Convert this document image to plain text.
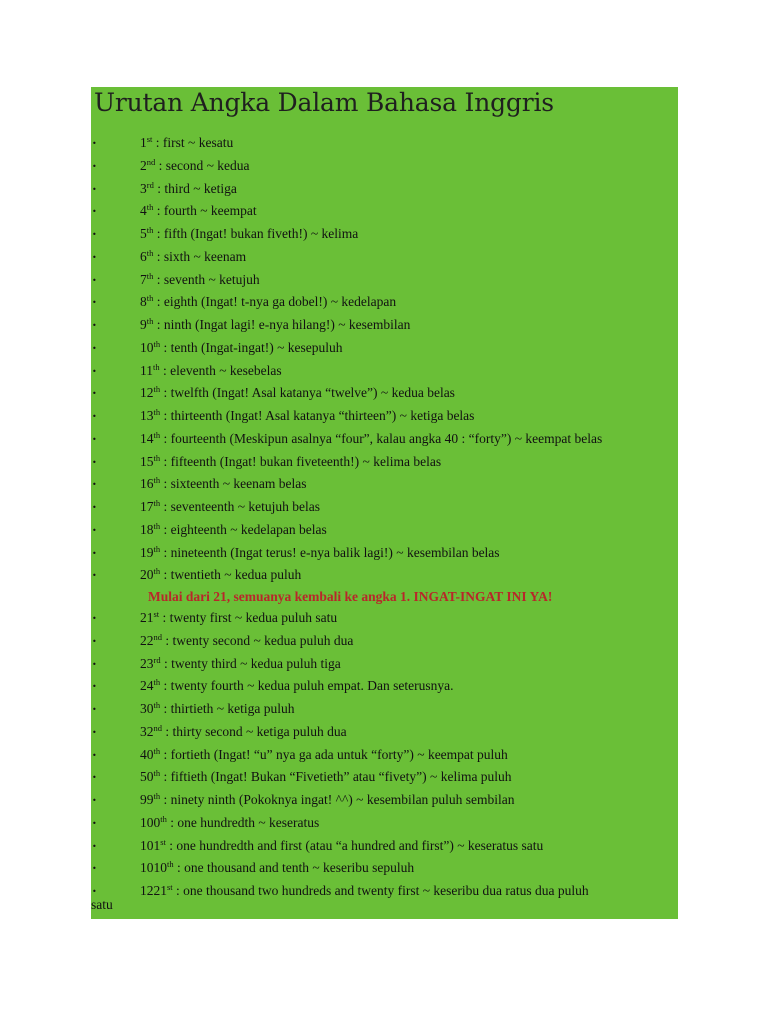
Urutan Angka Dalam Bahasa Inggris
•	1st : first ~ kesatu
•	2nd : second ~ kedua
•	3rd : third ~ ketiga
•	4th : fourth ~ keempat
•	5th : fifth (Ingat! bukan fiveth!) ~ kelima
•	6th : sixth ~ keenam
•	7th : seventh ~ ketujuh
•	8th : eighth (Ingat! t-nya ga dobel!) ~ kedelapan
•	9th : ninth (Ingat lagi! e-nya hilang!) ~ kesembilan
•	10th : tenth (Ingat-ingat!) ~ kesepuluh
•	11th : eleventh ~ kesebelas
•	12th : twelfth (Ingat! Asal katanya “twelve”) ~ kedua belas
•	13th : thirteenth (Ingat! Asal katanya “thirteen”) ~ ketiga belas
•	14th : fourteenth (Meskipun asalnya “four”, kalau angka 40 : “forty”) ~ keempat belas
•	15th : fifteenth (Ingat! bukan fiveteenth!) ~ kelima belas
•	16th : sixteenth ~ keenam belas
•	17th : seventeenth ~ ketujuh belas
•	18th : eighteenth ~ kedelapan belas
•	19th : nineteenth (Ingat terus! e-nya balik lagi!) ~ kesembilan belas
•	20th : twentieth ~ kedua puluh
•	21st : twenty first ~ kedua puluh satu
•	22nd : twenty second ~ kedua puluh dua
•	23rd : twenty third ~ kedua puluh tiga
•	24th : twenty fourth ~ kedua puluh empat. Dan seterusnya.
•	30th : thirtieth ~ ketiga puluh
•	32nd : thirty second ~ ketiga puluh dua
•	40th : fortieth (Ingat! “u” nya ga ada untuk “forty”) ~ keempat puluh
•	50th : fiftieth (Ingat! Bukan “Fivetieth” atau “fivety”) ~ kelima puluh
•	99th : ninety ninth (Pokoknya ingat! ^^) ~ kesembilan puluh sembilan
•	100th : one hundredth ~ keseratus
•	101st : one hundredth and first (atau “a hundred and first”) ~ keseratus satu
•	1010th : one thousand and tenth ~ keseribu sepuluh
•	1221st : one thousand two hundreds and twenty first ~ keseribu dua ratus dua puluh
Mulai dari 21, semuanya kembali ke angka 1. INGAT-INGAT INI YA!
satu
